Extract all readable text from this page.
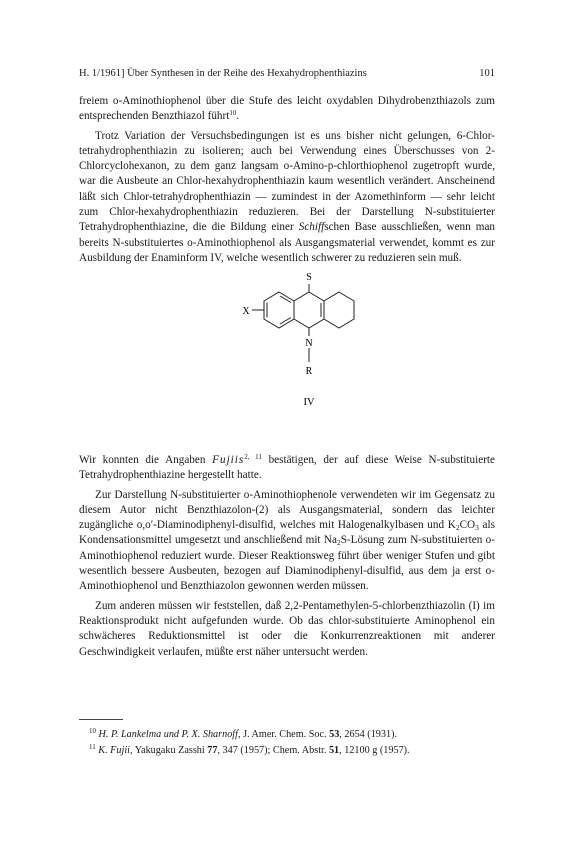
H. 1/1961] Über Synthesen in der Reihe des Hexahydrophenthiazins	101

freiem o-Aminothiophenol über die Stufe des leicht oxydablen Dihydrobenzthiazols zum entsprechenden Benzthiazol führt$^{10}$.

Trotz Variation der Versuchsbedingungen ist es uns bisher nicht gelungen, 6-Chlor-tetrahydrophenthiazin zu isolieren; auch bei Verwendung eines Überschusses von 2-Chlorcyclohexanon, zu dem ganz langsam o-Amino-p-chlorthiophenol zugetropft wurde, war die Ausbeute an Chlor-hexahydrophenthiazin kaum wesentlich verändert. Anscheinend läßt sich Chlor-tetrahydrophenthiazin — zumindest in der Azomethinform — sehr leicht zum Chlor-hexahydrophenthiazin reduzieren. Bei der Darstellung N-substituierter Tetrahydrophenthiazine, die die Bildung einer Schiffschen Base ausschließen, wenn man bereits N-substituiertes o-Aminothiophenol als Ausgangsmaterial verwendet, kommt es zur Ausbildung der Enaminform IV, welche wesentlich schwerer zu reduzieren sein muß.

S
N
X
R
IV

Wir konnten die Angaben Fujiis$^{2, 11}$ bestätigen, der auf diese Weise N-substituierte Tetrahydrophenthiazine hergestellt hatte.

Zur Darstellung N-substituierter o-Aminothiophenole verwendeten wir im Gegensatz zu diesem Autor nicht Benzthiazolon-(2) als Ausgangsmaterial, sondern das leichter zugängliche o,o′-Diaminodiphenyl-disulfid, welches mit Halogenalkylbasen und $K_2CO_3$ als Kondensationsmittel umgesetzt und anschließend mit $Na_2S$-Lösung zum N-substituierten o-Aminothiophenol reduziert wurde. Dieser Reaktionsweg führt über weniger Stufen und gibt wesentlich bessere Ausbeuten, bezogen auf Diaminodiphenyl-disulfid, aus dem ja erst o-Aminothiophenol und Benzthiazolon gewonnen werden müssen.

Zum anderen müssen wir feststellen, daß 2,2-Pentamethylen-5-chlorbenzthiazolin (I) im Reaktionsprodukt nicht aufgefunden wurde. Ob das chlor-substituierte Aminophenol ein schwächeres Reduktionsmittel ist oder die Konkurrenzreaktionen mit anderer Geschwindigkeit verlaufen, müßte erst näher untersucht werden.

$^{10}$ H. P. Lankelma und P. X. Sharnoff, J. Amer. Chem. Soc. 53, 2654 (1931).

$^{11}$ K. Fujii, Yakugaku Zasshi 77, 347 (1957); Chem. Abstr. 51, 12100 g (1957).
